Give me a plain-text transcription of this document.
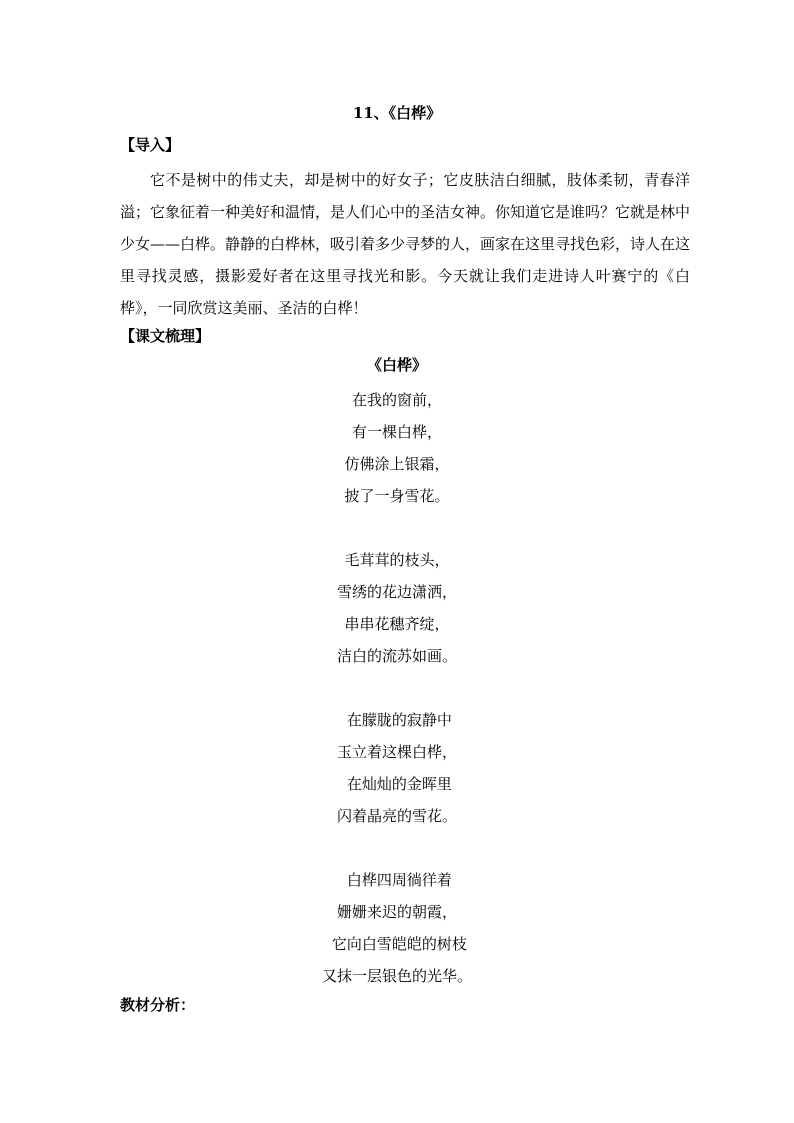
11、《白桦》
【导入】

它不是树中的伟丈夫，却是树中的好女子；它皮肤洁白细腻，肢体柔韧，青春洋溢；它象征着一种美好和温情，是人们心中的圣洁女神。你知道它是谁吗？它就是林中少女——白桦。静静的白桦林，吸引着多少寻梦的人，画家在这里寻找色彩，诗人在这里寻找灵感，摄影爱好者在这里寻找光和影。今天就让我们走进诗人叶赛宁的《白桦》，一同欣赏这美丽、圣洁的白桦！

【课文梳理】
《白桦》
在我的窗前，
有一棵白桦，
仿佛涂上银霜，
披了一身雪花。
毛茸茸的枝头，
雪绣的花边潇洒，
串串花穗齐绽，
洁白的流苏如画。
在朦胧的寂静中
玉立着这棵白桦，
在灿灿的金晖里
闪着晶亮的雪花。
白桦四周徜徉着
姗姗来迟的朝霞，
它向白雪皑皑的树枝
又抹一层银色的光华。
教材分析：
